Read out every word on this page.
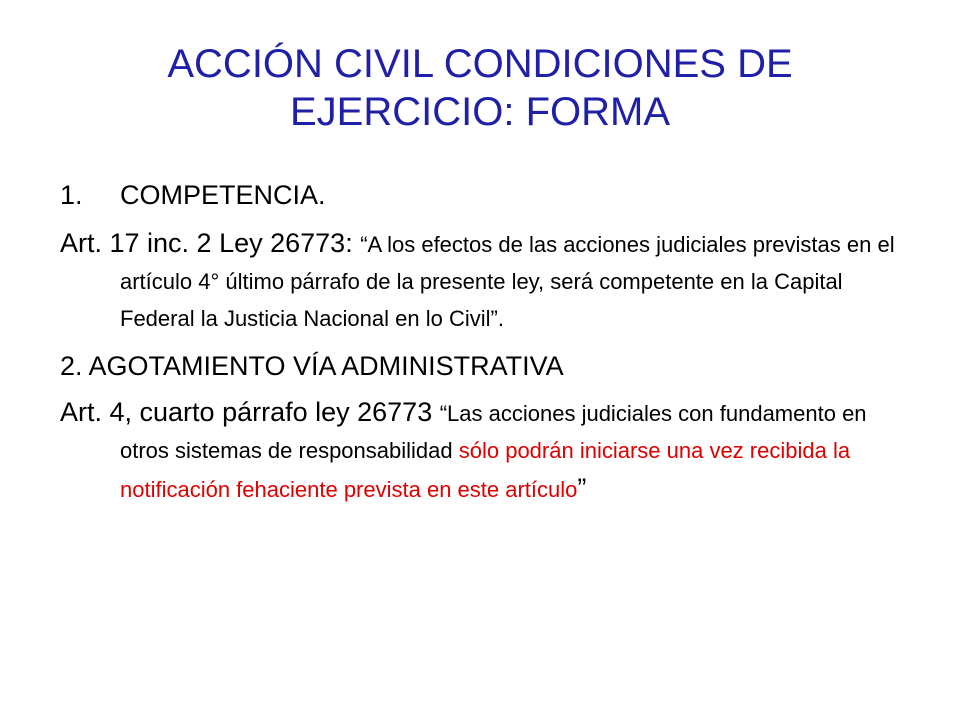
ACCIÓN CIVIL CONDICIONES DE
EJERCICIO: FORMA
1. COMPETENCIA.

Art. 17 inc. 2 Ley 26773: “A los efectos de las acciones judiciales previstas en el artículo 4° último párrafo de la presente ley, será competente en la Capital Federal la Justicia Nacional en lo Civil”.

2. AGOTAMIENTO VÍA ADMINISTRATIVA

Art. 4, cuarto párrafo ley 26773 “Las acciones judiciales con fundamento en otros sistemas de responsabilidad sólo podrán iniciarse una vez recibida la notificación fehaciente prevista en este artículo”
